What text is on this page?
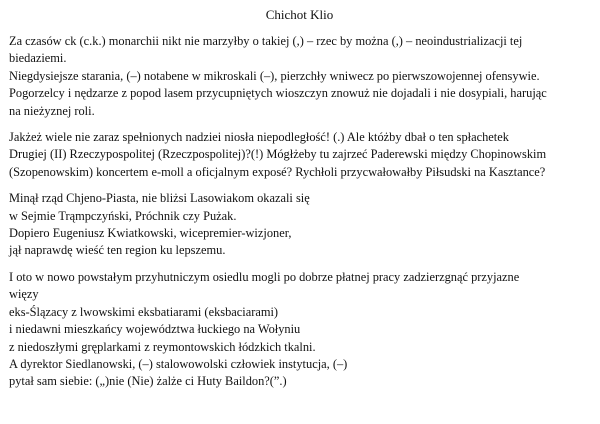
Chichot Klio
Za czasów ck (c.k.) monarchii nikt nie marzyłby o takiej (,) – rzec by można (,) – neoindustrializacji tej
biedaziemi.
Niegdysiejsze starania, (–) notabene w mikroskali (–), pierzchły wniwecz po pierwszowojennej ofensywie.
Pogorzelcy i nędzarze z popod lasem przycupniętych wioszczyn znowuż nie dojadali i nie dosypiali, harując
na nieżyznej roli.
Jakżeż wiele nie zaraz spełnionych nadziei niosła niepodległość! (.) Ale któżby dbał o ten spłachetek
Drugiej (II) Rzeczypospolitej (Rzeczpospolitej)?(!) Mógłżeby tu zajrzeć Paderewski między Chopinowskim
(Szopenowskim) koncertem e-moll a oficjalnym exposé? Rychłoli przycwałowałby Piłsudski na Kasztance?
Minął rząd Chjeno-Piasta, nie bliżsi Lasowiakom okazali się
w Sejmie Trąmpczyński, Próchnik czy Pużak.
Dopiero Eugeniusz Kwiatkowski, wicepremier-wizjoner,
jął naprawdę wieść ten region ku lepszemu.
I oto w nowo powstałym przyhutniczym osiedlu mogli po dobrze płatnej pracy zadzierzgnąć przyjazne
więzy
eks-Ślązacy z lwowskimi eksbatiarami (eksbaciarami)
i niedawni mieszkańcy województwa łuckiego na Wołyniu
z niedoszłymi gręplarkami z reymontowskich łódzkich tkalni.
A dyrektor Siedlanowski, (–) stalowowolski człowiek instytucja, (–)
pytał sam siebie: („)nie (Nie) żalże ci Huty Baildon?(”.)
